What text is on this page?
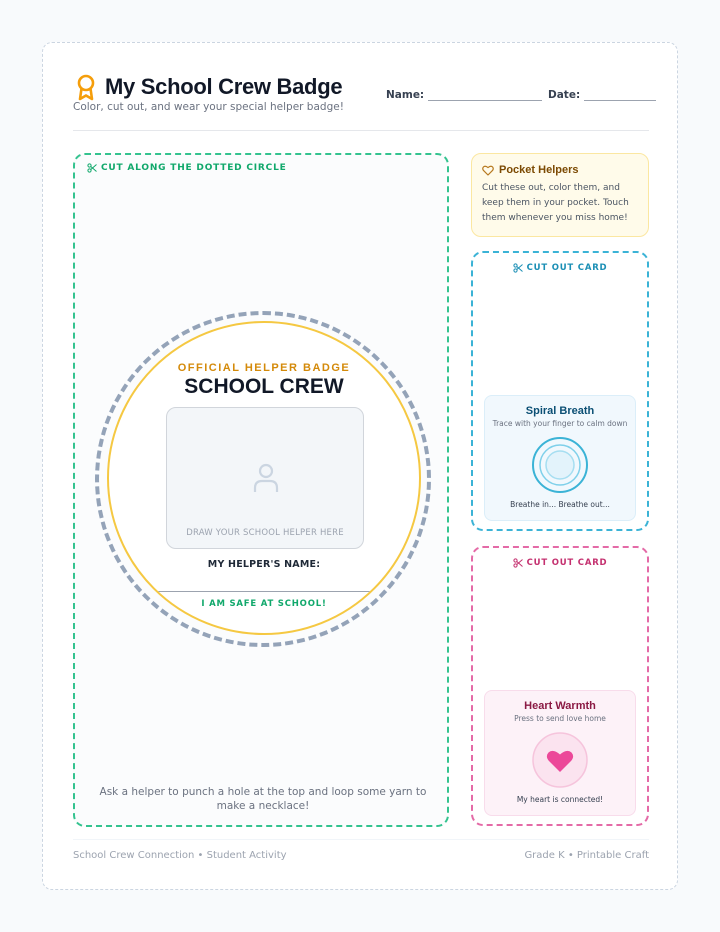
My School Crew Badge
Color, cut out, and wear your special helper badge!
Name:	Date:
CUT ALONG THE DOTTED CIRCLE
OFFICIAL HELPER BADGE
SCHOOL CREW
DRAW YOUR SCHOOL HELPER HERE
MY HELPER'S NAME:
I AM SAFE AT SCHOOL!
Ask a helper to punch a hole at the top and loop some yarn to make a necklace!
Pocket Helpers
Cut these out, color them, and keep them in your pocket. Touch them whenever you miss home!
CUT OUT CARD
Spiral Breath
Trace with your finger to calm down
Breathe in... Breathe out...
CUT OUT CARD
Heart Warmth
Press to send love home
My heart is connected!
School Crew Connection • Student Activity	Grade K • Printable Craft
